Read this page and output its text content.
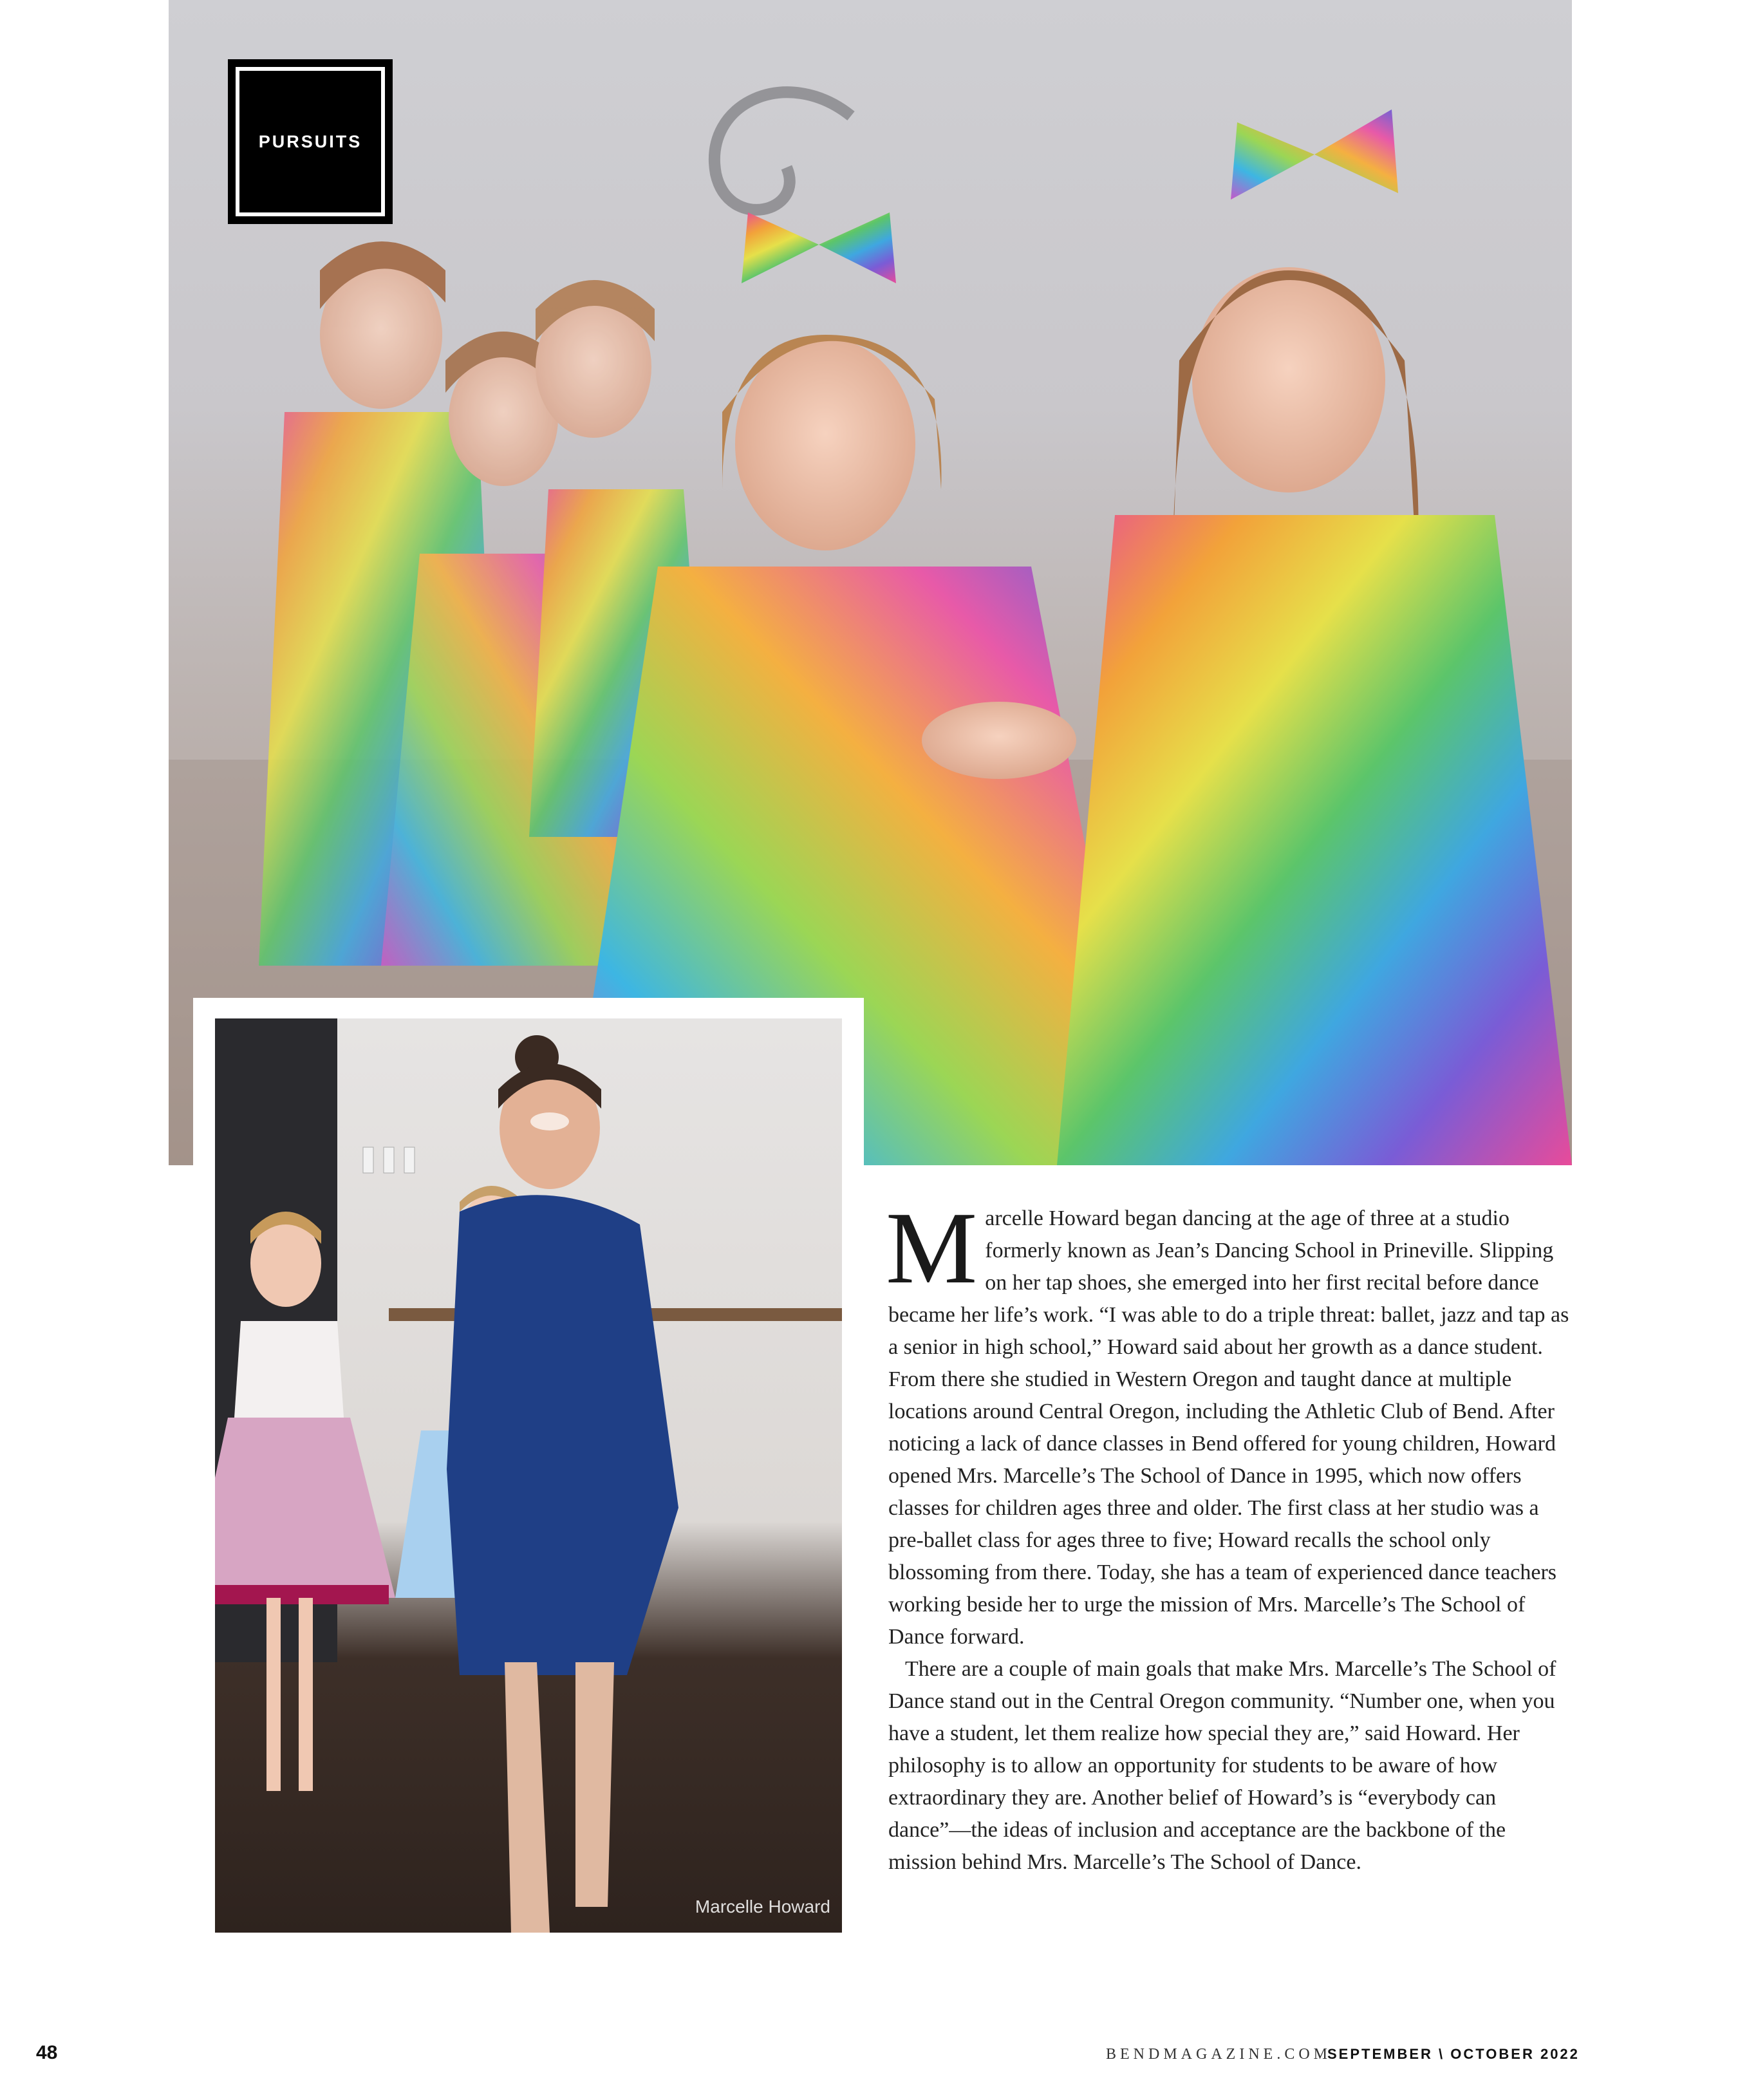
PURSUITS
Marcelle Howard

Marcelle Howard began dancing at the age of three at a studio formerly known as Jean’s Dancing School in Prineville. Slipping on her tap shoes, she emerged into her first recital before dance became her life’s work. “I was able to do a triple threat: ballet, jazz and tap as a senior in high school,” Howard said about her growth as a dance student. From there she studied in Western Oregon and taught dance at multiple locations around Central Oregon, including the Athletic Club of Bend. After noticing a lack of dance classes in Bend offered for young children, Howard opened Mrs. Marcelle’s The School of Dance in 1995, which now offers classes for children ages three and older. The first class at her studio was a pre-ballet class for ages three to five; Howard recalls the school only blossoming from there. Today, she has a team of experienced dance teachers working beside her to urge the mission of Mrs. Marcelle’s The School of Dance forward.

There are a couple of main goals that make Mrs. Marcelle’s The School of Dance stand out in the Central Oregon community. “Number one, when you have a student, let them realize how special they are,” said Howard. Her philosophy is to allow an opportunity for students to be aware of how extraordinary they are. Another belief of Howard’s is “everybody can dance”—the ideas of inclusion and acceptance are the backbone of the mission behind Mrs. Marcelle’s The School of Dance.

48	BENDMAGAZINE.COM
SEPTEMBER \ OCTOBER 2022
